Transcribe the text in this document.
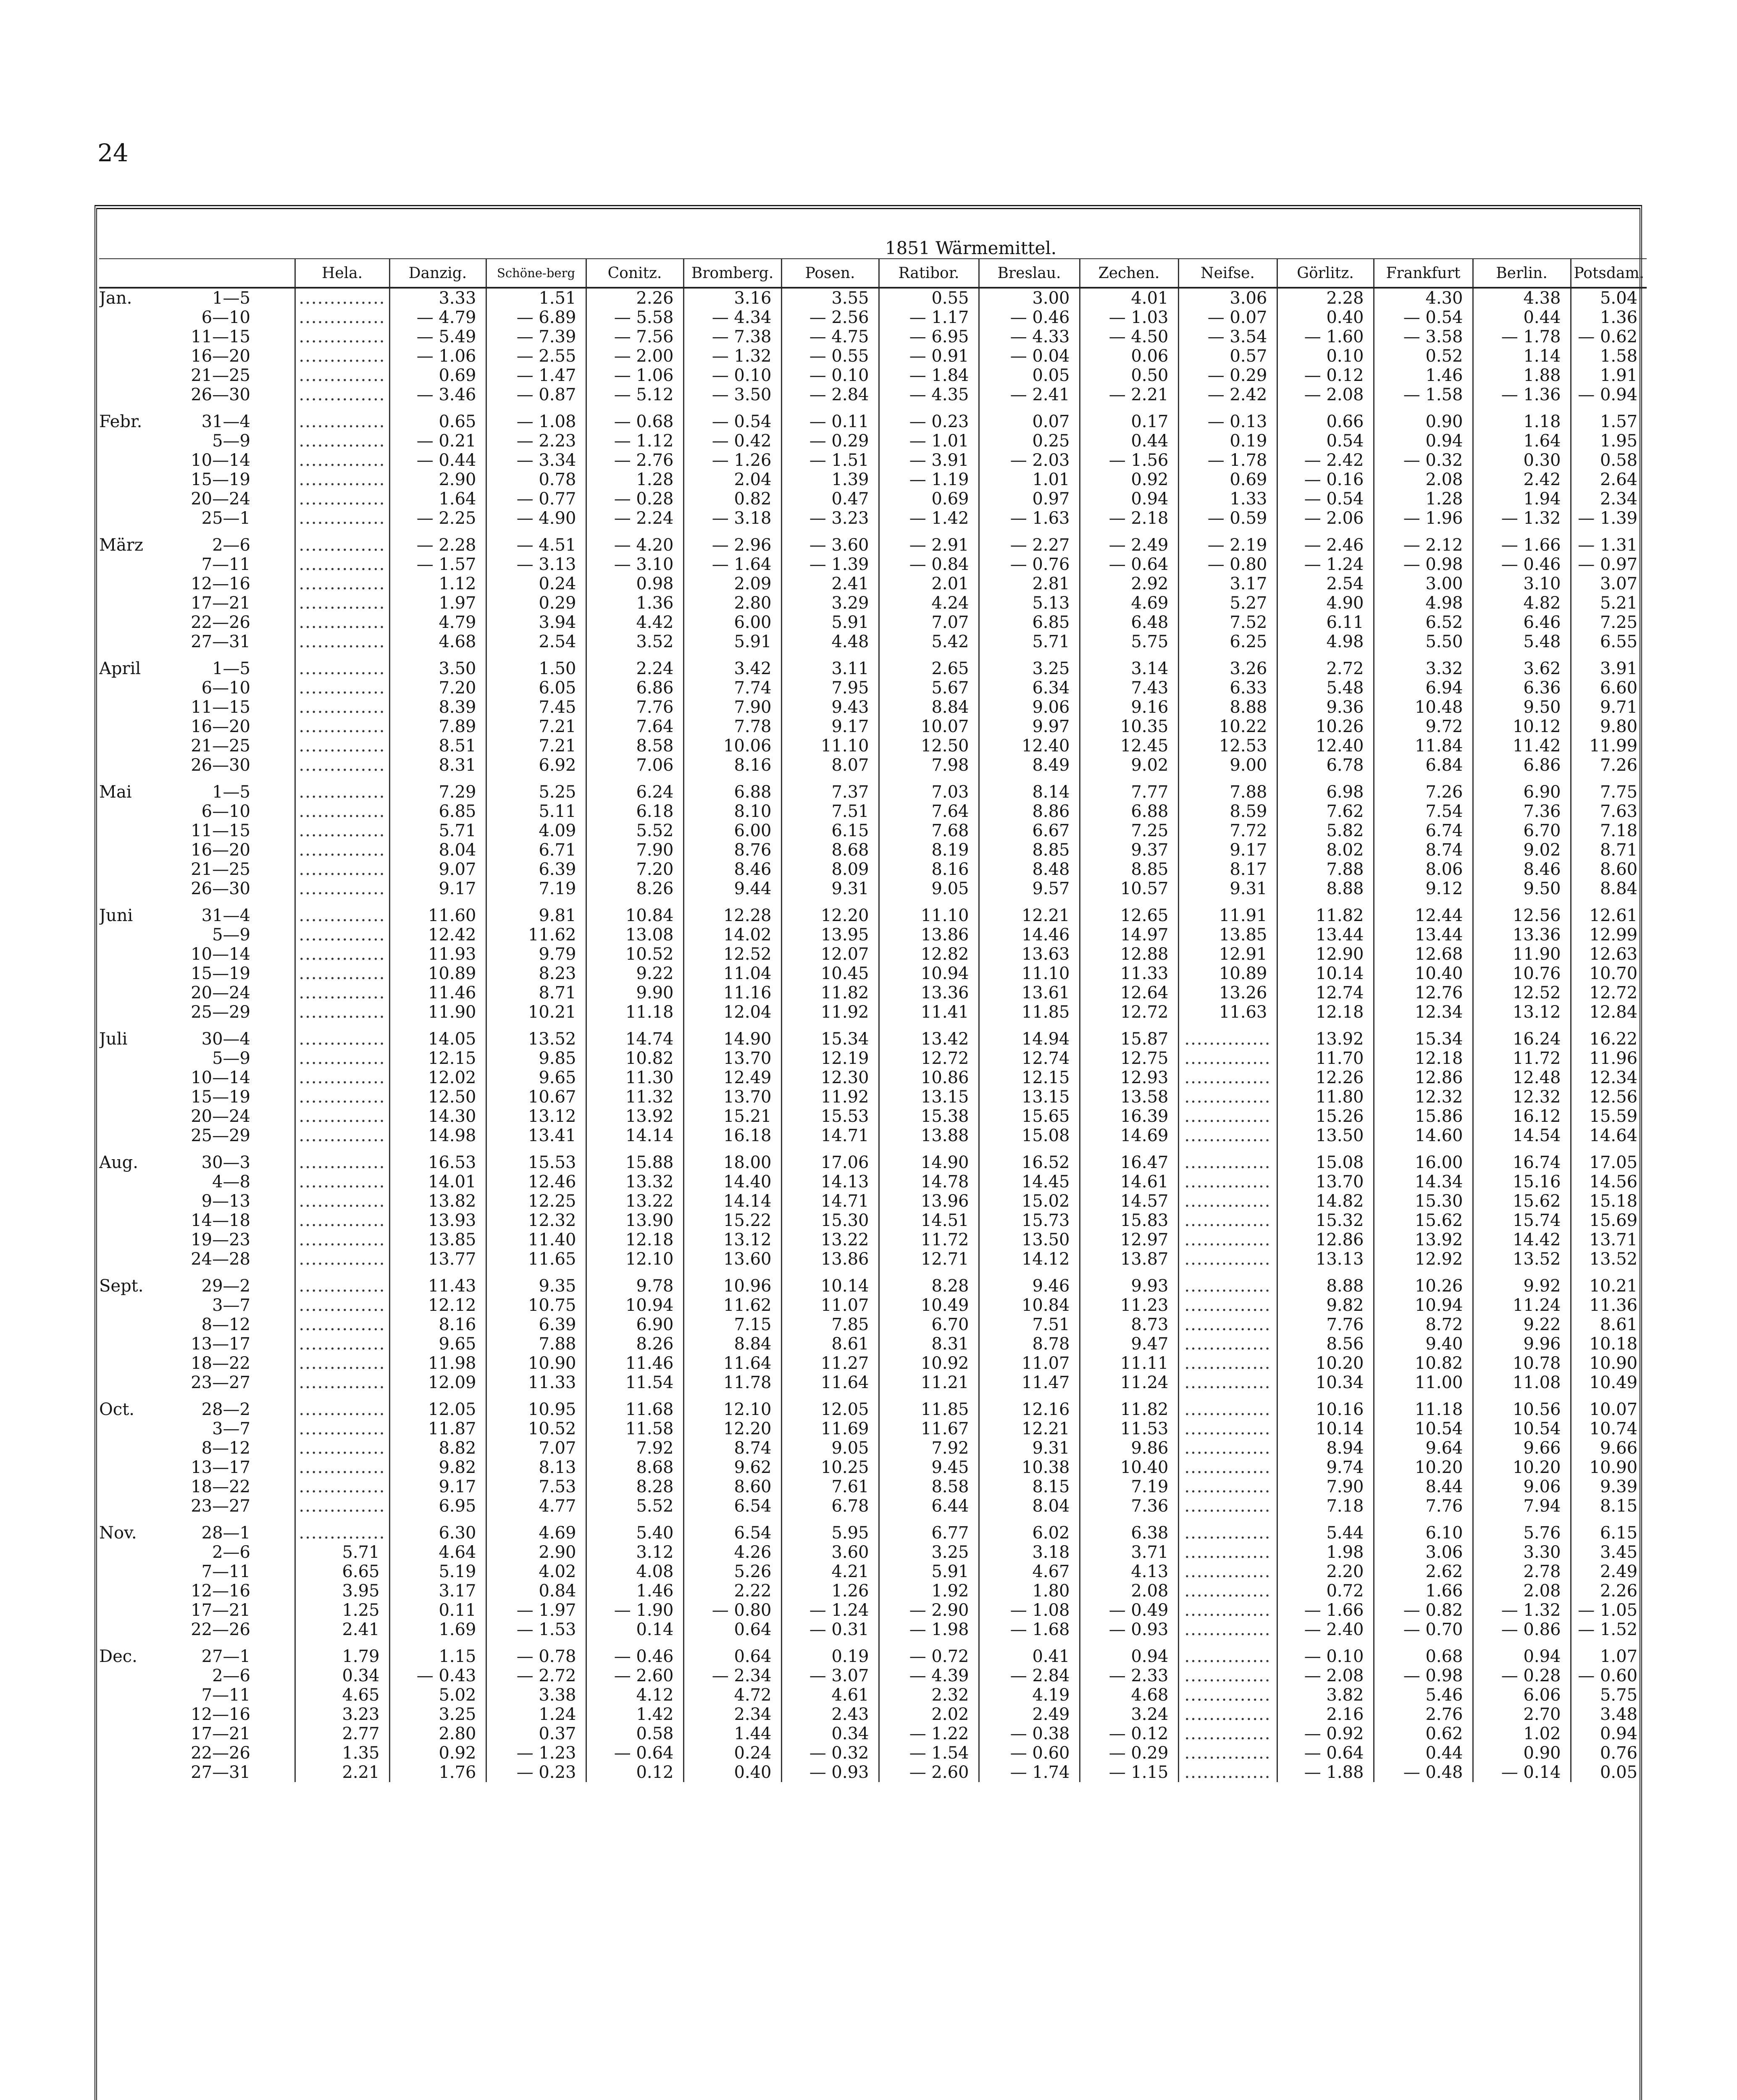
24
	1851 Wärmemittel.													
	Hela.	Danzig.	Schöne-berg	Conitz.	Bromberg.	Posen.	Ratibor.	Breslau.	Zechen.	Neifse.	Görlitz.	Frankfurt	Berlin.	Potsdam.
Jan. 1—5	..............	3.33	1.51	2.26	3.16	3.55	0.55	3.00	4.01	3.06	2.28	4.30	4.38	5.04
6—10	..............	— 4.79	— 6.89	— 5.58	— 4.34	— 2.56	— 1.17	— 0.46	— 1.03	— 0.07	0.40	— 0.54	0.44	1.36
11—15	..............	— 5.49	— 7.39	— 7.56	— 7.38	— 4.75	— 6.95	— 4.33	— 4.50	— 3.54	— 1.60	— 3.58	— 1.78	— 0.62
16—20	..............	— 1.06	— 2.55	— 2.00	— 1.32	— 0.55	— 0.91	— 0.04	0.06	0.57	0.10	0.52	1.14	1.58
21—25	..............	0.69	— 1.47	— 1.06	— 0.10	— 0.10	— 1.84	0.05	0.50	— 0.29	— 0.12	1.46	1.88	1.91
26—30	..............	— 3.46	— 0.87	— 5.12	— 3.50	— 2.84	— 4.35	— 2.41	— 2.21	— 2.42	— 2.08	— 1.58	— 1.36	— 0.94
Febr. 31—4	..............	0.65	— 1.08	— 0.68	— 0.54	— 0.11	— 0.23	0.07	0.17	— 0.13	0.66	0.90	1.18	1.57
5—9	..............	— 0.21	— 2.23	— 1.12	— 0.42	— 0.29	— 1.01	0.25	0.44	0.19	0.54	0.94	1.64	1.95
10—14	..............	— 0.44	— 3.34	— 2.76	— 1.26	— 1.51	— 3.91	— 2.03	— 1.56	— 1.78	— 2.42	— 0.32	0.30	0.58
15—19	..............	2.90	0.78	1.28	2.04	1.39	— 1.19	1.01	0.92	0.69	— 0.16	2.08	2.42	2.64
20—24	..............	1.64	— 0.77	— 0.28	0.82	0.47	0.69	0.97	0.94	1.33	— 0.54	1.28	1.94	2.34
25—1	..............	— 2.25	— 4.90	— 2.24	— 3.18	— 3.23	— 1.42	— 1.63	— 2.18	— 0.59	— 2.06	— 1.96	— 1.32	— 1.39
März 2—6	..............	— 2.28	— 4.51	— 4.20	— 2.96	— 3.60	— 2.91	— 2.27	— 2.49	— 2.19	— 2.46	— 2.12	— 1.66	— 1.31
7—11	..............	— 1.57	— 3.13	— 3.10	— 1.64	— 1.39	— 0.84	— 0.76	— 0.64	— 0.80	— 1.24	— 0.98	— 0.46	— 0.97
12—16	..............	1.12	0.24	0.98	2.09	2.41	2.01	2.81	2.92	3.17	2.54	3.00	3.10	3.07
17—21	..............	1.97	0.29	1.36	2.80	3.29	4.24	5.13	4.69	5.27	4.90	4.98	4.82	5.21
22—26	..............	4.79	3.94	4.42	6.00	5.91	7.07	6.85	6.48	7.52	6.11	6.52	6.46	7.25
27—31	..............	4.68	2.54	3.52	5.91	4.48	5.42	5.71	5.75	6.25	4.98	5.50	5.48	6.55
April 1—5	..............	3.50	1.50	2.24	3.42	3.11	2.65	3.25	3.14	3.26	2.72	3.32	3.62	3.91
6—10	..............	7.20	6.05	6.86	7.74	7.95	5.67	6.34	7.43	6.33	5.48	6.94	6.36	6.60
11—15	..............	8.39	7.45	7.76	7.90	9.43	8.84	9.06	9.16	8.88	9.36	10.48	9.50	9.71
16—20	..............	7.89	7.21	7.64	7.78	9.17	10.07	9.97	10.35	10.22	10.26	9.72	10.12	9.80
21—25	..............	8.51	7.21	8.58	10.06	11.10	12.50	12.40	12.45	12.53	12.40	11.84	11.42	11.99
26—30	..............	8.31	6.92	7.06	8.16	8.07	7.98	8.49	9.02	9.00	6.78	6.84	6.86	7.26
Mai 1—5	..............	7.29	5.25	6.24	6.88	7.37	7.03	8.14	7.77	7.88	6.98	7.26	6.90	7.75
6—10	..............	6.85	5.11	6.18	8.10	7.51	7.64	8.86	6.88	8.59	7.62	7.54	7.36	7.63
11—15	..............	5.71	4.09	5.52	6.00	6.15	7.68	6.67	7.25	7.72	5.82	6.74	6.70	7.18
16—20	..............	8.04	6.71	7.90	8.76	8.68	8.19	8.85	9.37	9.17	8.02	8.74	9.02	8.71
21—25	..............	9.07	6.39	7.20	8.46	8.09	8.16	8.48	8.85	8.17	7.88	8.06	8.46	8.60
26—30	..............	9.17	7.19	8.26	9.44	9.31	9.05	9.57	10.57	9.31	8.88	9.12	9.50	8.84
Juni 31—4	..............	11.60	9.81	10.84	12.28	12.20	11.10	12.21	12.65	11.91	11.82	12.44	12.56	12.61
5—9	..............	12.42	11.62	13.08	14.02	13.95	13.86	14.46	14.97	13.85	13.44	13.44	13.36	12.99
10—14	..............	11.93	9.79	10.52	12.52	12.07	12.82	13.63	12.88	12.91	12.90	12.68	11.90	12.63
15—19	..............	10.89	8.23	9.22	11.04	10.45	10.94	11.10	11.33	10.89	10.14	10.40	10.76	10.70
20—24	..............	11.46	8.71	9.90	11.16	11.82	13.36	13.61	12.64	13.26	12.74	12.76	12.52	12.72
25—29	..............	11.90	10.21	11.18	12.04	11.92	11.41	11.85	12.72	11.63	12.18	12.34	13.12	12.84
Juli 30—4	..............	14.05	13.52	14.74	14.90	15.34	13.42	14.94	15.87	..............	13.92	15.34	16.24	16.22
5—9	..............	12.15	9.85	10.82	13.70	12.19	12.72	12.74	12.75	..............	11.70	12.18	11.72	11.96
10—14	..............	12.02	9.65	11.30	12.49	12.30	10.86	12.15	12.93	..............	12.26	12.86	12.48	12.34
15—19	..............	12.50	10.67	11.32	13.70	11.92	13.15	13.15	13.58	..............	11.80	12.32	12.32	12.56
20—24	..............	14.30	13.12	13.92	15.21	15.53	15.38	15.65	16.39	..............	15.26	15.86	16.12	15.59
25—29	..............	14.98	13.41	14.14	16.18	14.71	13.88	15.08	14.69	..............	13.50	14.60	14.54	14.64
Aug. 30—3	..............	16.53	15.53	15.88	18.00	17.06	14.90	16.52	16.47	..............	15.08	16.00	16.74	17.05
4—8	..............	14.01	12.46	13.32	14.40	14.13	14.78	14.45	14.61	..............	13.70	14.34	15.16	14.56
9—13	..............	13.82	12.25	13.22	14.14	14.71	13.96	15.02	14.57	..............	14.82	15.30	15.62	15.18
14—18	..............	13.93	12.32	13.90	15.22	15.30	14.51	15.73	15.83	..............	15.32	15.62	15.74	15.69
19—23	..............	13.85	11.40	12.18	13.12	13.22	11.72	13.50	12.97	..............	12.86	13.92	14.42	13.71
24—28	..............	13.77	11.65	12.10	13.60	13.86	12.71	14.12	13.87	..............	13.13	12.92	13.52	13.52
Sept. 29—2	..............	11.43	9.35	9.78	10.96	10.14	8.28	9.46	9.93	..............	8.88	10.26	9.92	10.21
3—7	..............	12.12	10.75	10.94	11.62	11.07	10.49	10.84	11.23	..............	9.82	10.94	11.24	11.36
8—12	..............	8.16	6.39	6.90	7.15	7.85	6.70	7.51	8.73	..............	7.76	8.72	9.22	8.61
13—17	..............	9.65	7.88	8.26	8.84	8.61	8.31	8.78	9.47	..............	8.56	9.40	9.96	10.18
18—22	..............	11.98	10.90	11.46	11.64	11.27	10.92	11.07	11.11	..............	10.20	10.82	10.78	10.90
23—27	..............	12.09	11.33	11.54	11.78	11.64	11.21	11.47	11.24	..............	10.34	11.00	11.08	10.49
Oct. 28—2	..............	12.05	10.95	11.68	12.10	12.05	11.85	12.16	11.82	..............	10.16	11.18	10.56	10.07
3—7	..............	11.87	10.52	11.58	12.20	11.69	11.67	12.21	11.53	..............	10.14	10.54	10.54	10.74
8—12	..............	8.82	7.07	7.92	8.74	9.05	7.92	9.31	9.86	..............	8.94	9.64	9.66	9.66
13—17	..............	9.82	8.13	8.68	9.62	10.25	9.45	10.38	10.40	..............	9.74	10.20	10.20	10.90
18—22	..............	9.17	7.53	8.28	8.60	7.61	8.58	8.15	7.19	..............	7.90	8.44	9.06	9.39
23—27	..............	6.95	4.77	5.52	6.54	6.78	6.44	8.04	7.36	..............	7.18	7.76	7.94	8.15
Nov. 28—1	..............	6.30	4.69	5.40	6.54	5.95	6.77	6.02	6.38	..............	5.44	6.10	5.76	6.15
2—6	5.71	4.64	2.90	3.12	4.26	3.60	3.25	3.18	3.71	..............	1.98	3.06	3.30	3.45
7—11	6.65	5.19	4.02	4.08	5.26	4.21	5.91	4.67	4.13	..............	2.20	2.62	2.78	2.49
12—16	3.95	3.17	0.84	1.46	2.22	1.26	1.92	1.80	2.08	..............	0.72	1.66	2.08	2.26
17—21	1.25	0.11	— 1.97	— 1.90	— 0.80	— 1.24	— 2.90	— 1.08	— 0.49	..............	— 1.66	— 0.82	— 1.32	— 1.05
22—26	2.41	1.69	— 1.53	0.14	0.64	— 0.31	— 1.98	— 1.68	— 0.93	..............	— 2.40	— 0.70	— 0.86	— 1.52
Dec. 27—1	1.79	1.15	— 0.78	— 0.46	0.64	0.19	— 0.72	0.41	0.94	..............	— 0.10	0.68	0.94	1.07
2—6	0.34	— 0.43	— 2.72	— 2.60	— 2.34	— 3.07	— 4.39	— 2.84	— 2.33	..............	— 2.08	— 0.98	— 0.28	— 0.60
7—11	4.65	5.02	3.38	4.12	4.72	4.61	2.32	4.19	4.68	..............	3.82	5.46	6.06	5.75
12—16	3.23	3.25	1.24	1.42	2.34	2.43	2.02	2.49	3.24	..............	2.16	2.76	2.70	3.48
17—21	2.77	2.80	0.37	0.58	1.44	0.34	— 1.22	— 0.38	— 0.12	..............	— 0.92	0.62	1.02	0.94
22—26	1.35	0.92	— 1.23	— 0.64	0.24	— 0.32	— 1.54	— 0.60	— 0.29	..............	— 0.64	0.44	0.90	0.76
27—31	2.21	1.76	— 0.23	0.12	0.40	— 0.93	— 2.60	— 1.74	— 1.15	..............	— 1.88	— 0.48	— 0.14	0.05
